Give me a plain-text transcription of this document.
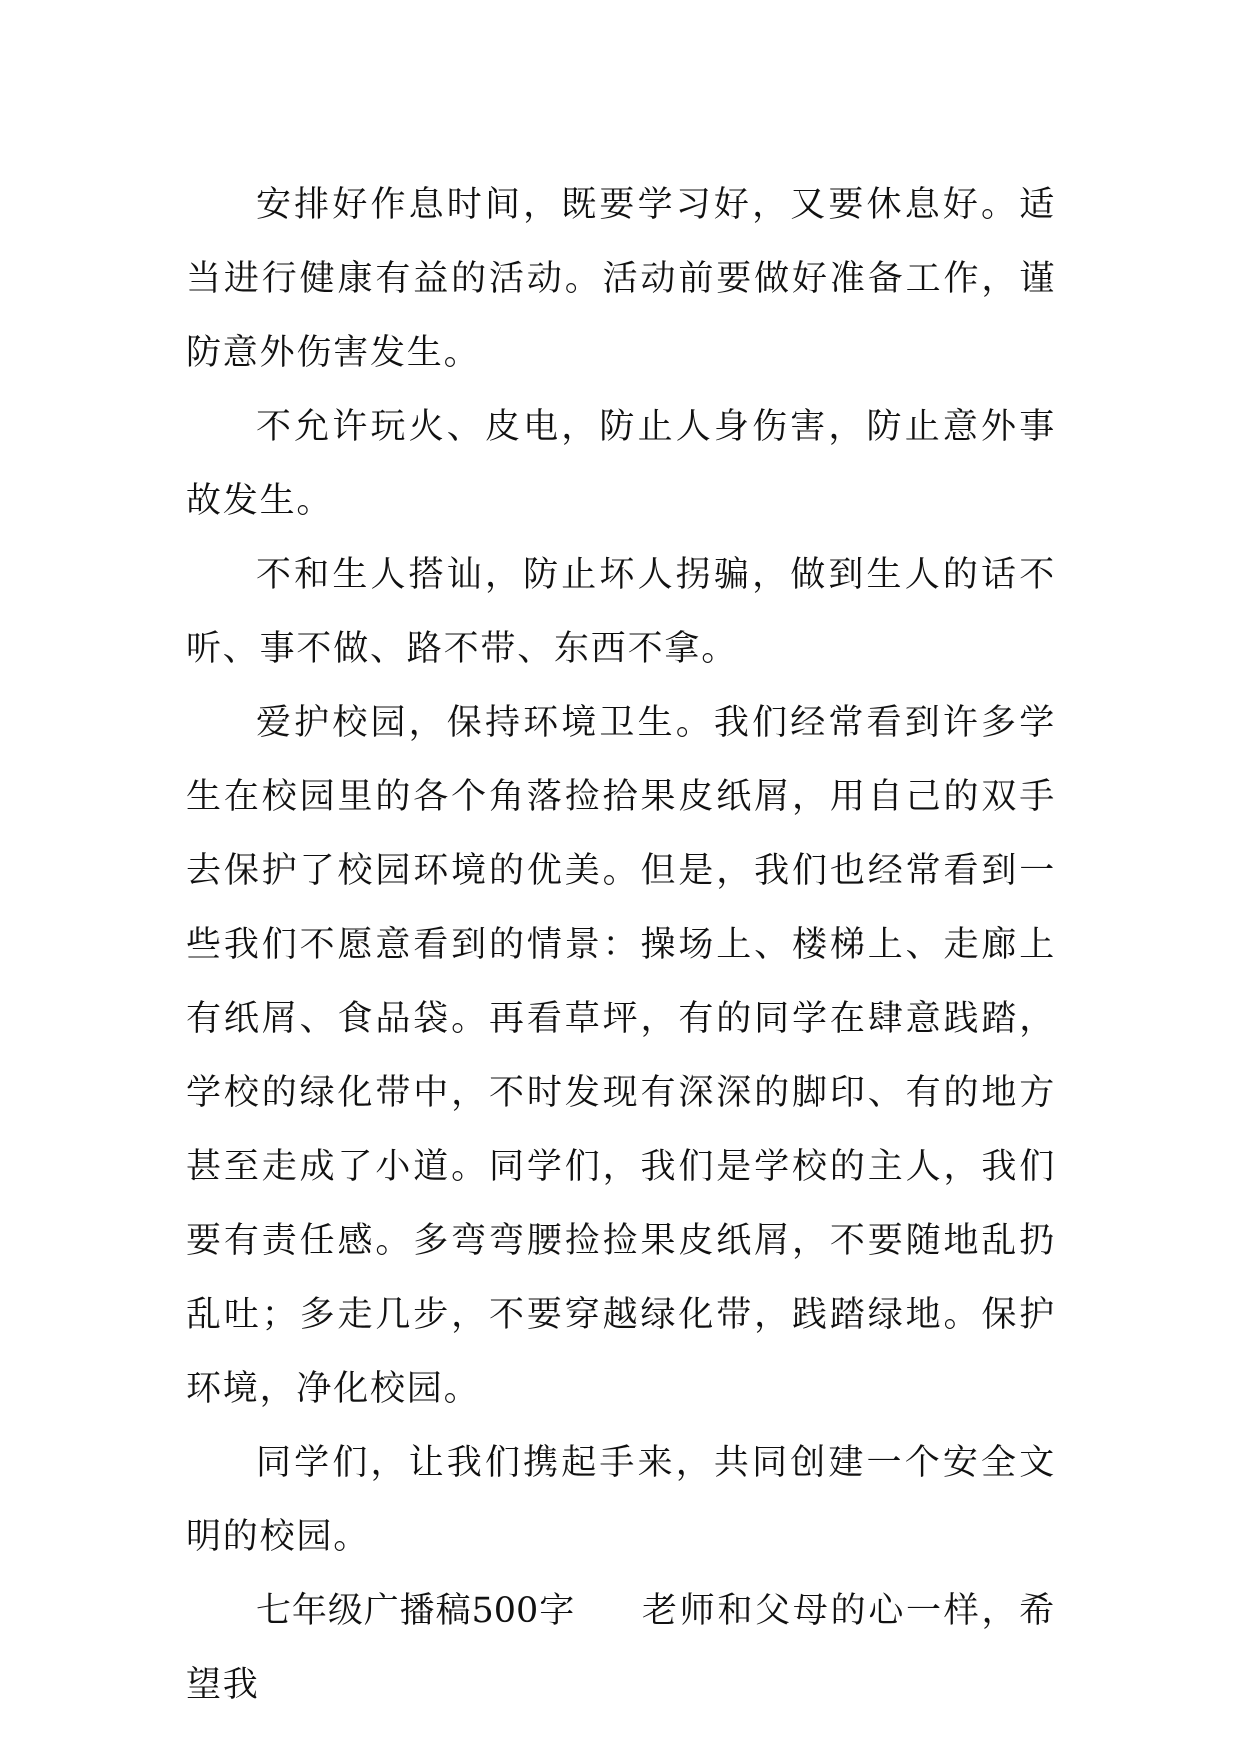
安排好作息时间，既要学习好，又要休息好。适当进行健康有益的活动。活动前要做好准备工作，谨防意外伤害发生。

不允许玩火、皮电，防止人身伤害，防止意外事故发生。

不和生人搭讪，防止坏人拐骗，做到生人的话不听、事不做、路不带、东西不拿。

爱护校园，保持环境卫生。我们经常看到许多学生在校园里的各个角落捡拾果皮纸屑，用自己的双手去保护了校园环境的优美。但是，我们也经常看到一些我们不愿意看到的情景：操场上、楼梯上、走廊上有纸屑、食品袋。再看草坪，有的同学在肆意践踏，学校的绿化带中，不时发现有深深的脚印、有的地方甚至走成了小道。同学们，我们是学校的主人，我们要有责任感。多弯弯腰捡捡果皮纸屑，不要随地乱扔乱吐；多走几步，不要穿越绿化带，践踏绿地。保护环境，净化校园。

同学们，让我们携起手来，共同创建一个安全文明的校园。

七年级广播稿500字 老师和父母的心一样，希望我
